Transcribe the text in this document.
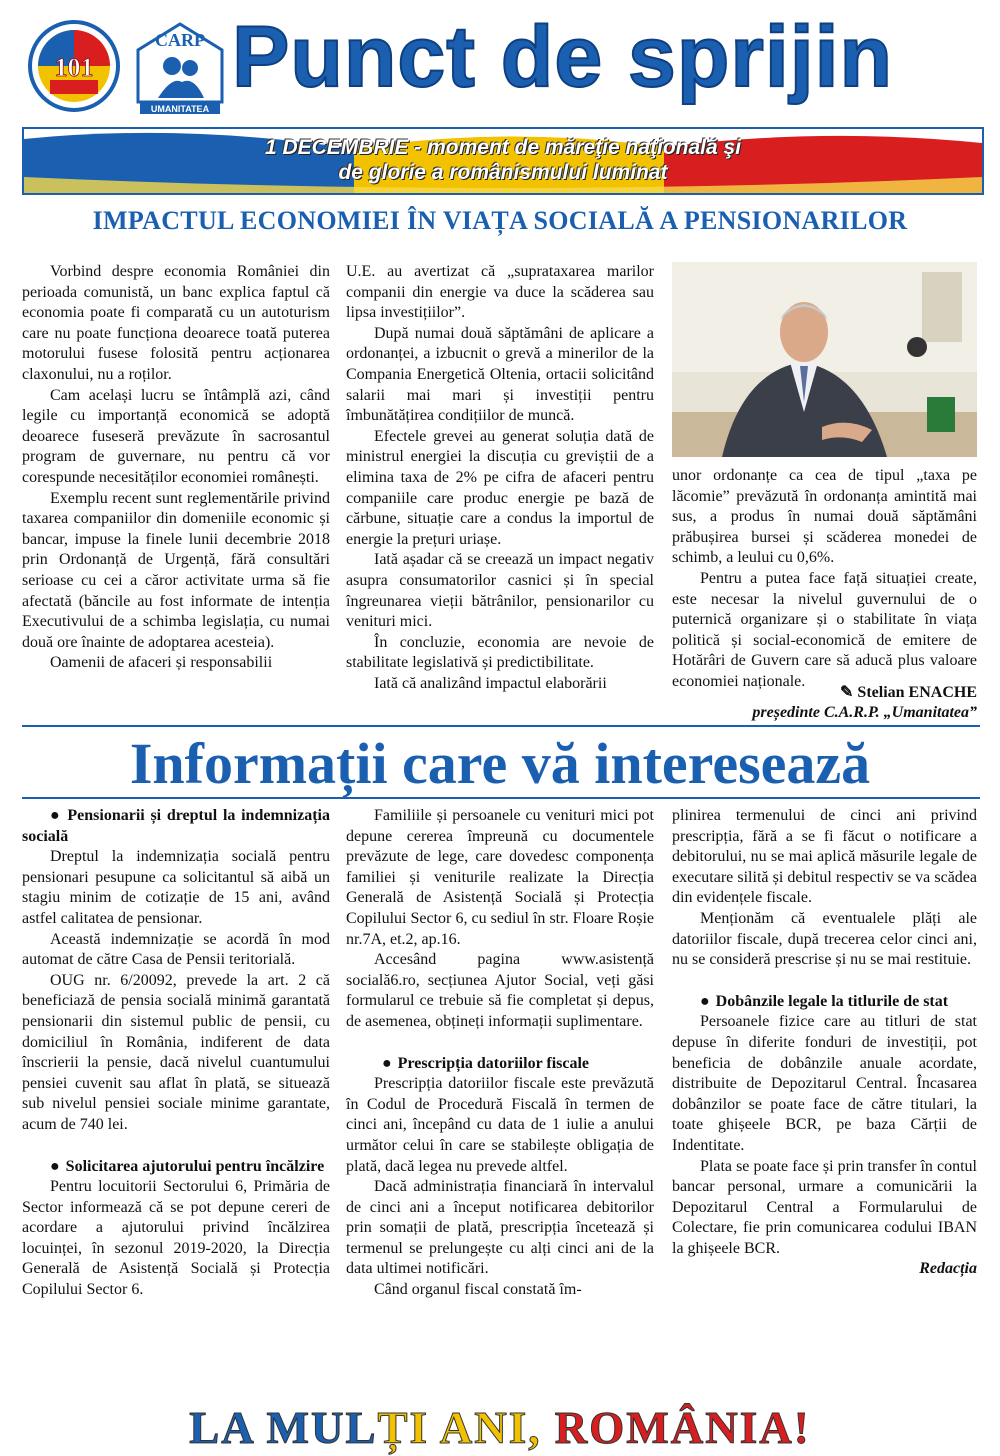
101
CARP
UMANITATEA
Punct de sprijin
1 DECEMBRIE - moment de măreţie naţională şi
de glorie a românismului luminat
IMPACTUL ECONOMIEI ÎN VIAȚA SOCIALĂ A PENSIONARILOR

Vorbind despre economia României din perioada comunistă, un banc explica faptul că economia poate fi comparată cu un autoturism care nu poate funcționa deoarece toată puterea motorului fusese folosită pentru acționarea claxonului, nu a roților.

Cam același lucru se întâmplă azi, când legile cu importanță economică se adoptă deoarece fuseseră prevăzute în sacrosantul program de guvernare, nu pentru că vor corespunde necesităților economiei românești.

Exemplu recent sunt reglementările privind taxarea companiilor din domeniile economic și bancar, impuse la finele lunii decembrie 2018 prin Ordonanță de Urgență, fără consultări serioase cu cei a căror activitate urma să fie afectată (băncile au fost informate de intenția Executivului de a schimba legislația, cu numai două ore înainte de adoptarea acesteia).

Oamenii de afaceri și responsabilii

U.E. au avertizat că „suprataxarea marilor companii din energie va duce la scăderea sau lipsa investițiilor”.

După numai două săptămâni de aplicare a ordonanței, a izbucnit o grevă a minerilor de la Compania Energetică Oltenia, ortacii solicitând salarii mai mari și investiții pentru îmbunătățirea condițiilor de muncă.

Efectele grevei au generat soluția dată de ministrul energiei la discuția cu greviștii de a elimina taxa de 2% pe cifra de afaceri pentru companiile care produc energie pe bază de cărbune, situație care a condus la importul de energie la prețuri uriașe.

Iată așadar că se creează un impact negativ asupra consumatorilor casnici și în special îngreunarea vieții bătrânilor, pensionarilor cu venituri mici.

În concluzie, economia are nevoie de stabilitate legislativă și predictibilitate.

Iată că analizând impactul elaborării

unor ordonanțe ca cea de tipul „taxa pe lăcomie” prevăzută în ordonanța amintită mai sus, a produs în numai două săptămâni prăbușirea bursei și scăderea monedei de schimb, a leului cu 0,6%.

Pentru a putea face față situației create, este necesar la nivelul guvernului de o puternică organizare și o stabilitate în viața politică și social-economică de emitere de Hotărâri de Guvern care să aducă plus valoare economiei naționale.

✎ Stelian ENACHE
președinte C.A.R.P. „Umanitatea”
Informații care vă interesează

● Pensionarii și dreptul la indemnizația socială

Dreptul la indemnizația socială pentru pensionari pesupune ca solicitantul să aibă un stagiu minim de cotizație de 15 ani, având astfel calitatea de pensionar.

Această indemnizație se acordă în mod automat de către Casa de Pensii teritorială.

OUG nr. 6/20092, prevede la art. 2 că beneficiază de pensia socială minimă garantată pensionarii din sistemul public de pensii, cu domiciliul în România, indiferent de data înscrierii la pensie, dacă nivelul cuantumului pensiei cuvenit sau aflat în plată, se situează sub nivelul pensiei sociale minime garantate, acum de 740 lei.

● Solicitarea ajutorului pentru încălzire

Pentru locuitorii Sectorului 6, Primăria de Sector informează că se pot depune cereri de acordare a ajutorului privind încălzirea locuinței, în sezonul 2019-2020, la Direcția Generală de Asistență Socială și Protecția Copilului Sector 6.

Familiile și persoanele cu venituri mici pot depune cererea împreună cu documentele prevăzute de lege, care dovedesc componența familiei și veniturile realizate la Direcția Generală de Asistență Socială și Protecția Copilului Sector 6, cu sediul în str. Floare Roșie nr.7A, et.2, ap.16.

Accesând pagina www.asistență socială6.ro, secțiunea Ajutor Social, veți găsi formularul ce trebuie să fie completat și depus, de asemenea, obțineți informații suplimentare.

● Prescripția datoriilor fiscale

Prescripția datoriilor fiscale este prevăzută în Codul de Procedură Fiscală în termen de cinci ani, începând cu data de 1 iulie a anului următor celui în care se stabilește obligația de plată, dacă legea nu prevede altfel.

Dacă administrația financiară în intervalul de cinci ani a început notificarea debitorilor prin somații de plată, prescripția încetează și termenul se prelungește cu alți cinci ani de la data ultimei notificări.

Când organul fiscal constată îm-

plinirea termenului de cinci ani privind prescripția, fără a se fi făcut o notificare a debitorului, nu se mai aplică măsurile legale de executare silită și debitul respectiv se va scădea din evidențele fiscale.

Menționăm că eventualele plăți ale datoriilor fiscale, după trecerea celor cinci ani, nu se consideră prescrise și nu se mai restituie.

● Dobânzile legale la titlurile de stat

Persoanele fizice care au titluri de stat depuse în diferite fonduri de investiții, pot beneficia de dobânzile anuale acordate, distribuite de Depozitarul Central. Încasarea dobânzilor se poate face de către titulari, la toate ghișeele BCR, pe baza Cărții de Indentitate.

Plata se poate face și prin transfer în contul bancar personal, urmare a comunicării la Depozitarul Central a Formularului de Colectare, fie prin comunicarea codului IBAN la ghișeele BCR.

Redacția
LA MULȚI ANI, ROMÂNIA!
